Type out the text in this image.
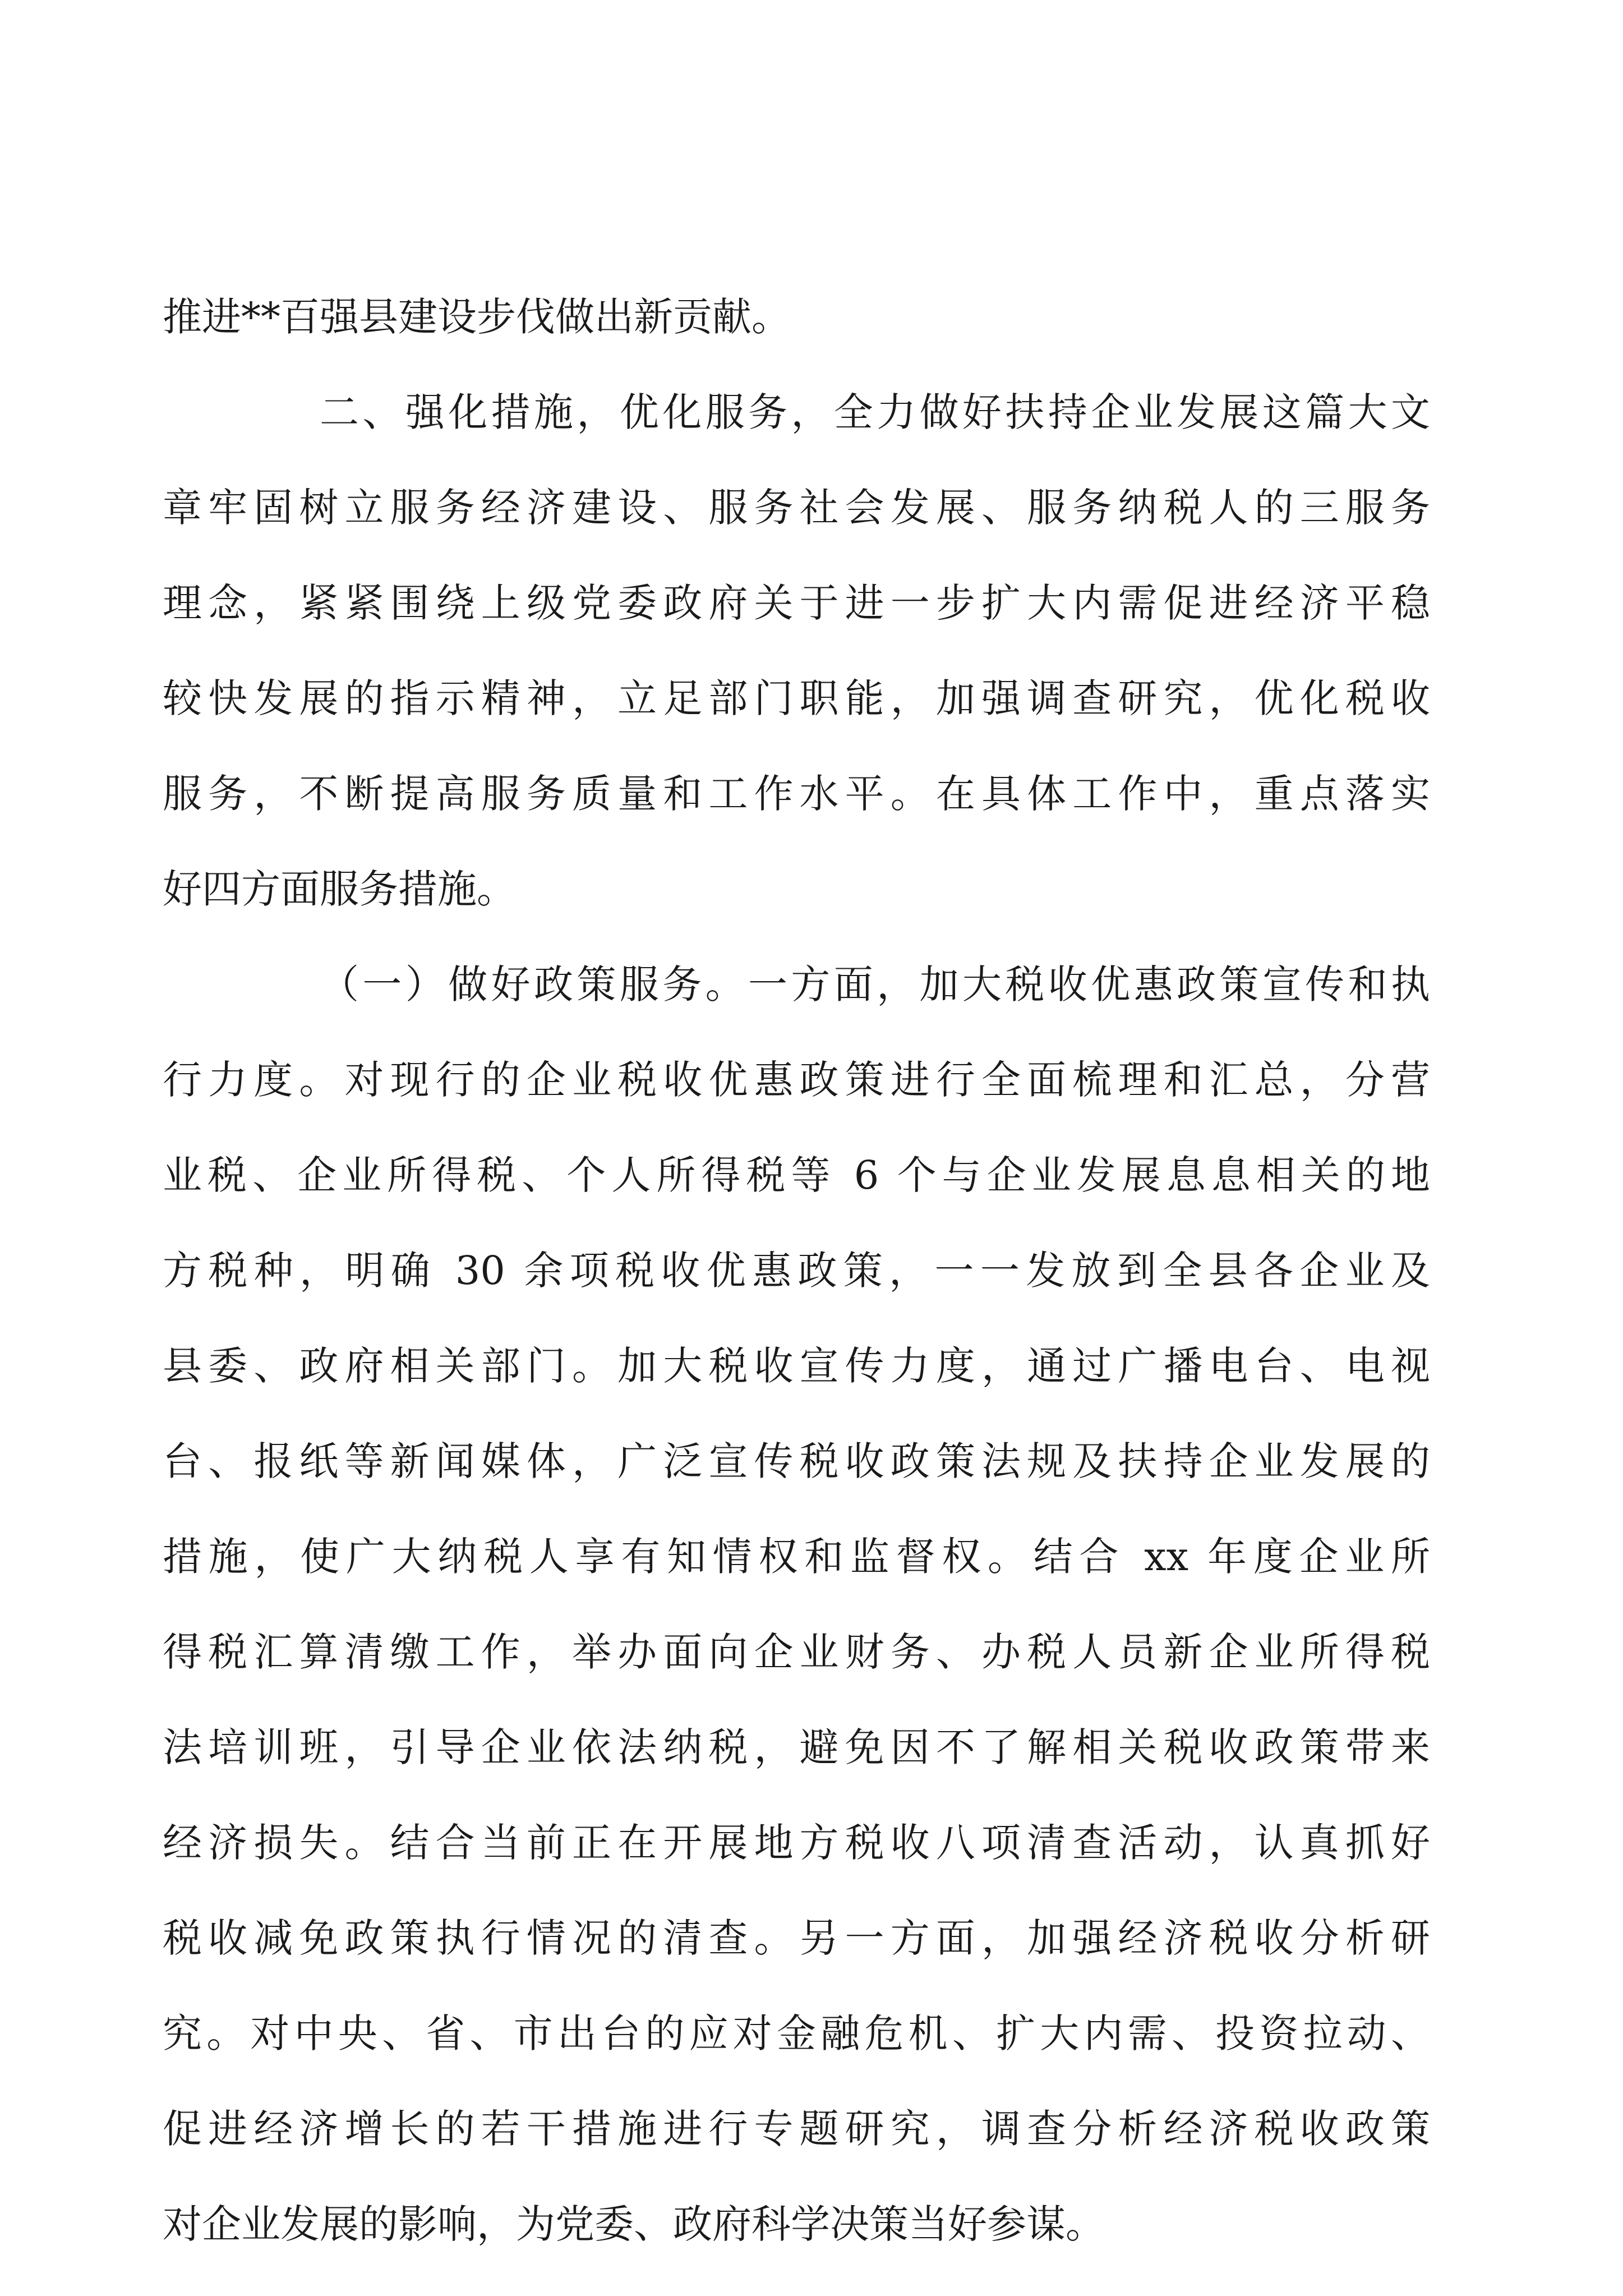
推进**百强县建设步伐做出新贡献。
二、强化措施，优化服务，全力做好扶持企业发展这篇大文
章牢固树立服务经济建设、服务社会发展、服务纳税人的三服务
理念，紧紧围绕上级党委政府关于进一步扩大内需促进经济平稳
较快发展的指示精神，立足部门职能，加强调查研究，优化税收
服务，不断提高服务质量和工作水平。在具体工作中，重点落实
好四方面服务措施。
（一）做好政策服务。一方面，加大税收优惠政策宣传和执
行力度。对现行的企业税收优惠政策进行全面梳理和汇总，分营
业税、企业所得税、个人所得税等 6 个与企业发展息息相关的地
方税种，明确 30 余项税收优惠政策，一一发放到全县各企业及
县委、政府相关部门。加大税收宣传力度，通过广播电台、电视
台、报纸等新闻媒体，广泛宣传税收政策法规及扶持企业发展的
措施，使广大纳税人享有知情权和监督权。结合 xx 年度企业所
得税汇算清缴工作，举办面向企业财务、办税人员新企业所得税
法培训班，引导企业依法纳税，避免因不了解相关税收政策带来
经济损失。结合当前正在开展地方税收八项清查活动，认真抓好
税收减免政策执行情况的清查。另一方面，加强经济税收分析研
究。对中央、省、市出台的应对金融危机、扩大内需、投资拉动、
促进经济增长的若干措施进行专题研究，调查分析经济税收政策
对企业发展的影响，为党委、政府科学决策当好参谋。
